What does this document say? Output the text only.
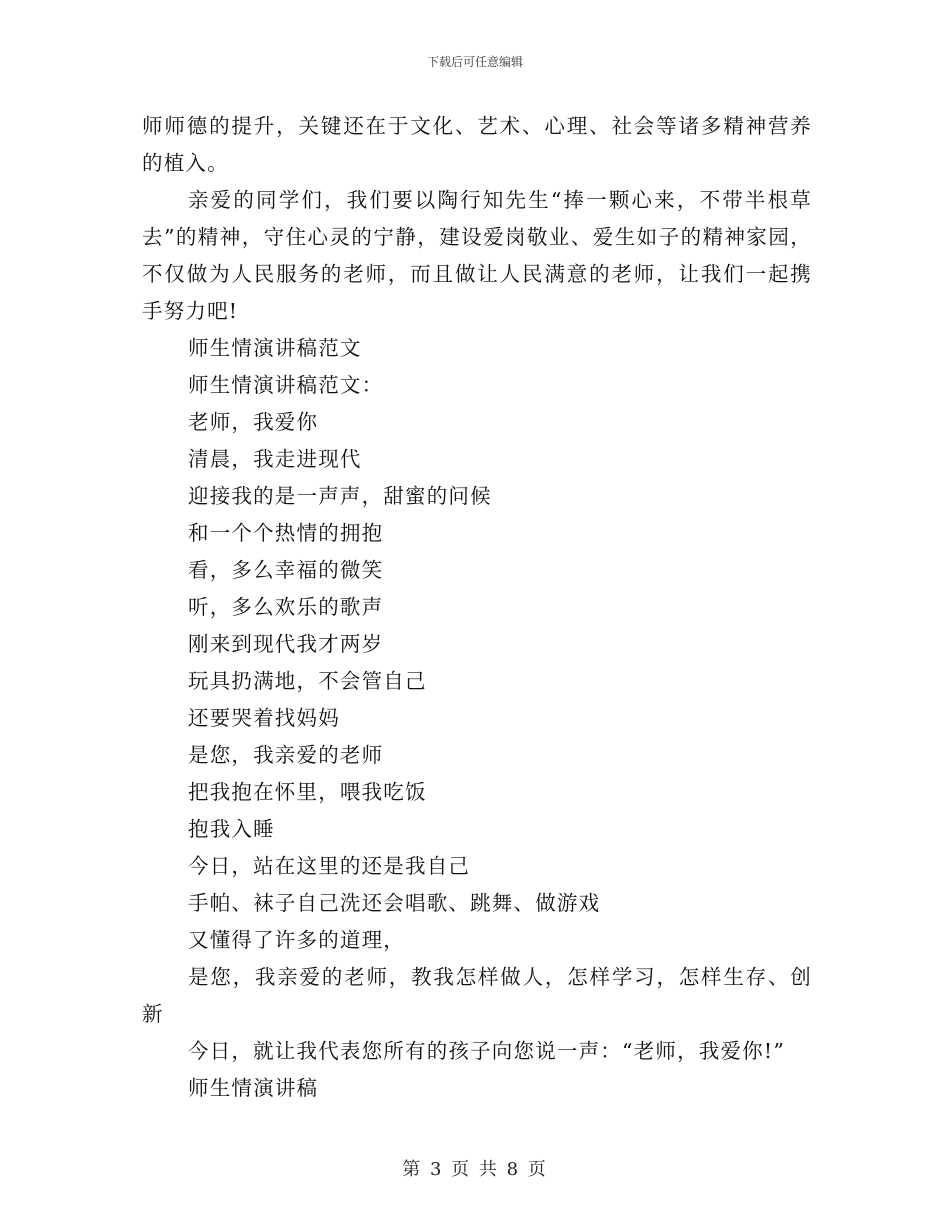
下载后可任意编辑

师师德的提升，关键还在于文化、艺术、心理、社会等诸多精神营养的植入。

亲爱的同学们，我们要以陶行知先生“捧一颗心来，不带半根草去”的精神，守住心灵的宁静，建设爱岗敬业、爱生如子的精神家园，不仅做为人民服务的老师，而且做让人民满意的老师，让我们一起携手努力吧!

师生情演讲稿范文

师生情演讲稿范文：

老师，我爱你

清晨，我走进现代

迎接我的是一声声，甜蜜的问候

和一个个热情的拥抱

看，多么幸福的微笑

听，多么欢乐的歌声

刚来到现代我才两岁

玩具扔满地，不会管自己

还要哭着找妈妈

是您，我亲爱的老师

把我抱在怀里，喂我吃饭

抱我入睡

今日，站在这里的还是我自己

手帕、袜子自己洗还会唱歌、跳舞、做游戏

又懂得了许多的道理，

是您，我亲爱的老师，教我怎样做人，怎样学习，怎样生存、创新

今日，就让我代表您所有的孩子向您说一声：“老师，我爱你!”

师生情演讲稿

第 3 页 共 8 页
